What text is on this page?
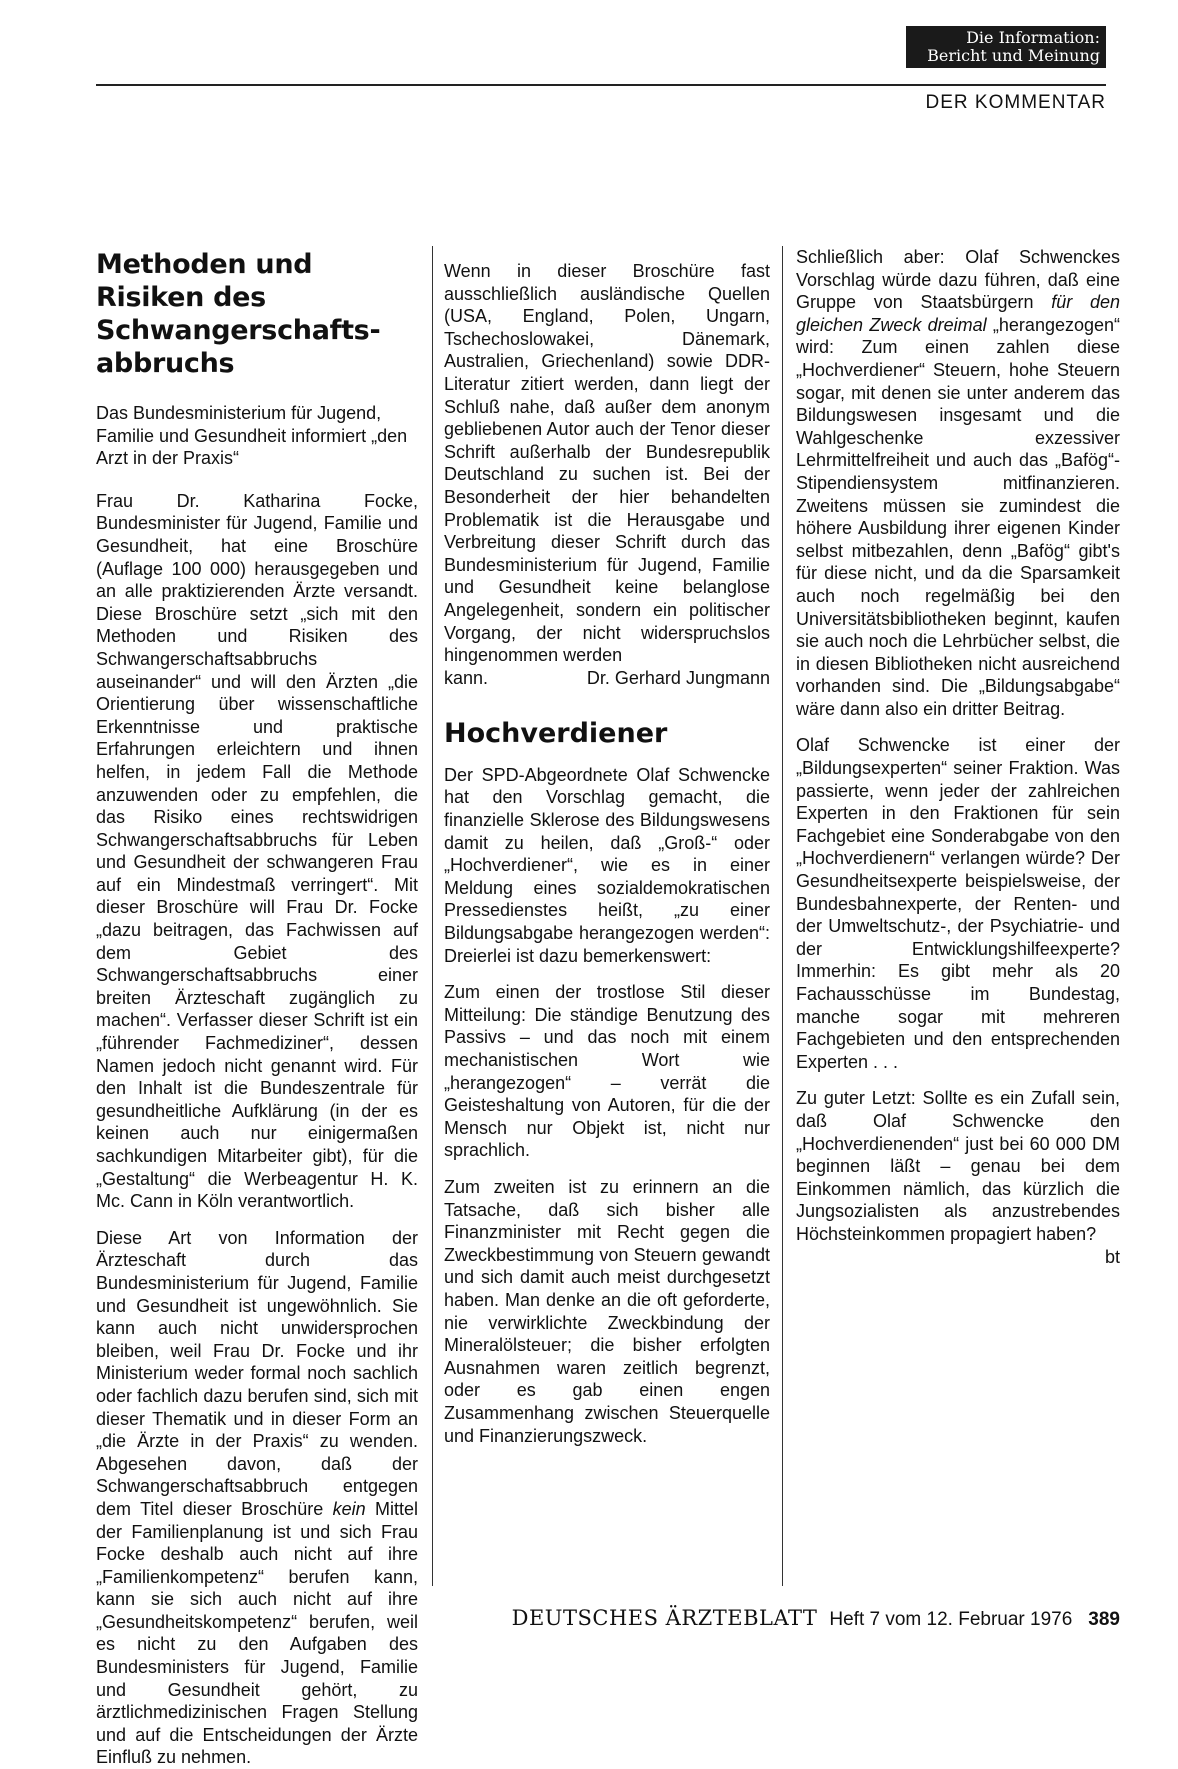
Die Information:
Bericht und Meinung
DER KOMMENTAR
Methoden und Risiken des Schwangerschaftsabbruchs

Das Bundesministerium für Jugend, Familie und Gesundheit informiert „den Arzt in der Praxis“

Frau Dr. Katharina Focke, Bundesminister für Jugend, Familie und Gesundheit, hat eine Broschüre (Auflage 100 000) herausgegeben und an alle praktizierenden Ärzte versandt. Diese Broschüre setzt „sich mit den Methoden und Risiken des Schwangerschaftsabbruchs auseinander“ und will den Ärzten „die Orientierung über wissenschaftliche Erkenntnisse und praktische Erfahrungen erleichtern und ihnen helfen, in jedem Fall die Methode anzuwenden oder zu empfehlen, die das Risiko eines rechtswidrigen Schwangerschaftsabbruchs für Leben und Gesundheit der schwangeren Frau auf ein Mindestmaß verringert“. Mit dieser Broschüre will Frau Dr. Focke „dazu beitragen, das Fachwissen auf dem Gebiet des Schwangerschaftsabbruchs einer breiten Ärzteschaft zugänglich zu machen“. Verfasser dieser Schrift ist ein „führender Fachmediziner“, dessen Namen jedoch nicht genannt wird. Für den Inhalt ist die Bundeszentrale für gesundheitliche Aufklärung (in der es keinen auch nur einigermaßen sachkundigen Mitarbeiter gibt), für die „Gestaltung“ die Werbeagentur H. K. Mc. Cann in Köln verantwortlich.

Diese Art von Information der Ärzteschaft durch das Bundesministerium für Jugend, Familie und Gesundheit ist ungewöhnlich. Sie kann auch nicht unwidersprochen bleiben, weil Frau Dr. Focke und ihr Ministerium weder formal noch sachlich oder fachlich dazu berufen sind, sich mit dieser Thematik und in dieser Form an „die Ärzte in der Praxis“ zu wenden. Abgesehen davon, daß der Schwangerschaftsabbruch entgegen dem Titel dieser Broschüre kein Mittel der Familienplanung ist und sich Frau Focke deshalb auch nicht auf ihre „Familienkompetenz“ berufen kann, kann sie sich auch nicht auf ihre „Gesundheitskompetenz“ berufen, weil es nicht zu den Aufgaben des Bundesministers für Jugend, Familie und Gesundheit gehört, zu ärztlichmedizinischen Fragen Stellung und auf die Entscheidungen der Ärzte Einfluß zu nehmen.

Wenn in dieser Broschüre fast ausschließlich ausländische Quellen (USA, England, Polen, Ungarn, Tschechoslowakei, Dänemark, Australien, Griechenland) sowie DDR-Literatur zitiert werden, dann liegt der Schluß nahe, daß außer dem anonym gebliebenen Autor auch der Tenor dieser Schrift außerhalb der Bundesrepublik Deutschland zu suchen ist. Bei der Besonderheit der hier behandelten Problematik ist die Herausgabe und Verbreitung dieser Schrift durch das Bundesministerium für Jugend, Familie und Gesundheit keine belanglose Angelegenheit, sondern ein politischer Vorgang, der nicht widerspruchslos hingenommen werden

kann.	Dr. Gerhard Jungmann

Hochverdiener

Der SPD-Abgeordnete Olaf Schwencke hat den Vorschlag gemacht, die finanzielle Sklerose des Bildungswesens damit zu heilen, daß „Groß-“ oder „Hochverdiener“, wie es in einer Meldung eines sozialdemokratischen Pressedienstes heißt, „zu einer Bildungsabgabe herangezogen werden“: Dreierlei ist dazu bemerkenswert:

Zum einen der trostlose Stil dieser Mitteilung: Die ständige Benutzung des Passivs – und das noch mit einem mechanistischen Wort wie „herangezogen“ – verrät die Geisteshaltung von Autoren, für die der Mensch nur Objekt ist, nicht nur sprachlich.

Zum zweiten ist zu erinnern an die Tatsache, daß sich bisher alle Finanzminister mit Recht gegen die Zweckbestimmung von Steuern gewandt und sich damit auch meist durchgesetzt haben. Man denke an die oft geforderte, nie verwirklichte Zweckbindung der Mineralölsteuer; die bisher erfolgten Ausnahmen waren zeitlich begrenzt, oder es gab einen engen Zusammenhang zwischen Steuerquelle und Finanzierungszweck.

Schließlich aber: Olaf Schwenckes Vorschlag würde dazu führen, daß eine Gruppe von Staatsbürgern für den gleichen Zweck dreimal „herangezogen“ wird: Zum einen zahlen diese „Hochverdiener“ Steuern, hohe Steuern sogar, mit denen sie unter anderem das Bildungswesen insgesamt und die Wahlgeschenke exzessiver Lehrmittelfreiheit und auch das „Bafög“-Stipendiensystem mitfinanzieren. Zweitens müssen sie zumindest die höhere Ausbildung ihrer eigenen Kinder selbst mitbezahlen, denn „Bafög“ gibt's für diese nicht, und da die Sparsamkeit auch noch regelmäßig bei den Universitätsbibliotheken beginnt, kaufen sie auch noch die Lehrbücher selbst, die in diesen Bibliotheken nicht ausreichend vorhanden sind. Die „Bildungsabgabe“ wäre dann also ein dritter Beitrag.

Olaf Schwencke ist einer der „Bildungsexperten“ seiner Fraktion. Was passierte, wenn jeder der zahlreichen Experten in den Fraktionen für sein Fachgebiet eine Sonderabgabe von den „Hochverdienern“ verlangen würde? Der Gesundheitsexperte beispielsweise, der Bundesbahnexperte, der Renten- und der Umweltschutz-, der Psychiatrie- und der Entwicklungshilfeexperte? Immerhin: Es gibt mehr als 20 Fachausschüsse im Bundestag, manche sogar mit mehreren Fachgebieten und den entsprechenden Experten . . .

Zu guter Letzt: Sollte es ein Zufall sein, daß Olaf Schwencke den „Hochverdienenden“ just bei 60 000 DM beginnen läßt – genau bei dem Einkommen nämlich, das kürzlich die Jungsozialisten als anzustrebendes Höchsteinkommen propagiert haben?

bt

DEUTSCHES ÄRZTEBLATT Heft 7 vom 12. Februar 1976 389
